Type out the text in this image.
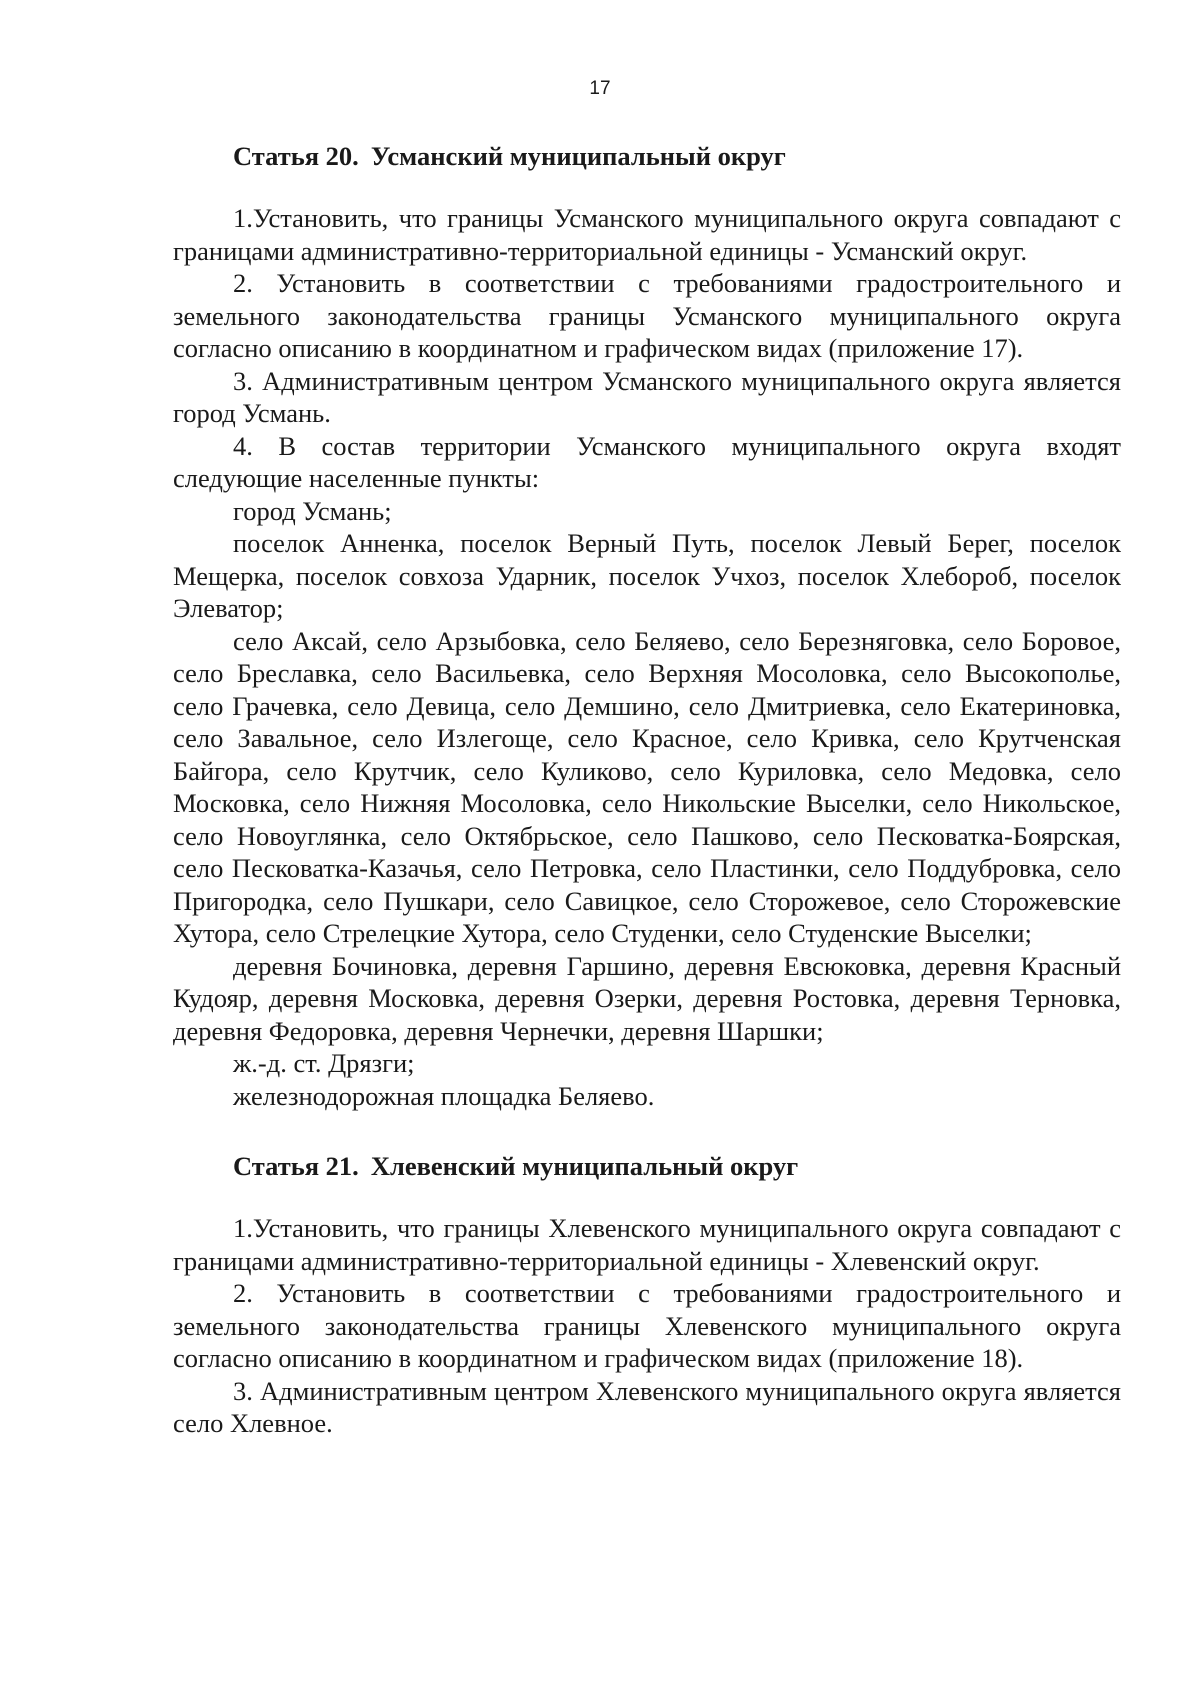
17
Статья 20. Усманский муниципальный округ

1.Установить, что границы Усманского муниципального округа совпадают с границами административно-территориальной единицы - Усманский округ.

2. Установить в соответствии с требованиями градостроительного и земельного законодательства границы Усманского муниципального округа согласно описанию в координатном и графическом видах (приложение 17).

3. Административным центром Усманского муниципального округа является город Усмань.

4. В состав территории Усманского муниципального округа входят следующие населенные пункты:

город Усмань;

поселок Анненка, поселок Верный Путь, поселок Левый Берег, поселок Мещерка, поселок совхоза Ударник, поселок Учхоз, поселок Хлебороб, поселок Элеватор;

село Аксай, село Арзыбовка, село Беляево, село Березняговка, село Боровое, село Бреславка, село Васильевка, село Верхняя Мосоловка, село Высокополье, село Грачевка, село Девица, село Демшино, село Дмитриевка, село Екатериновка, село Завальное, село Излегоще, село Красное, село Кривка, село Крутченская Байгора, село Крутчик, село Куликово, село Куриловка, село Медовка, село Московка, село Нижняя Мосоловка, село Никольские Выселки, село Никольское, село Новоуглянка, село Октябрьское, село Пашково, село Песковатка-Боярская, село Песковатка-Казачья, село Петровка, село Пластинки, село Поддубровка, село Пригородка, село Пушкари, село Савицкое, село Сторожевое, село Сторожевские Хутора, село Стрелецкие Хутора, село Студенки, село Студенские Выселки;

деревня Бочиновка, деревня Гаршино, деревня Евсюковка, деревня Красный Кудояр, деревня Московка, деревня Озерки, деревня Ростовка, деревня Терновка, деревня Федоровка, деревня Чернечки, деревня Шаршки;

ж.-д. ст. Дрязги;

железнодорожная площадка Беляево.

Статья 21. Хлевенский муниципальный округ

1.Установить, что границы Хлевенского муниципального округа совпадают с границами административно-территориальной единицы - Хлевенский округ.

2. Установить в соответствии с требованиями градостроительного и земельного законодательства границы Хлевенского муниципального округа согласно описанию в координатном и графическом видах (приложение 18).

3. Административным центром Хлевенского муниципального округа является село Хлевное.
